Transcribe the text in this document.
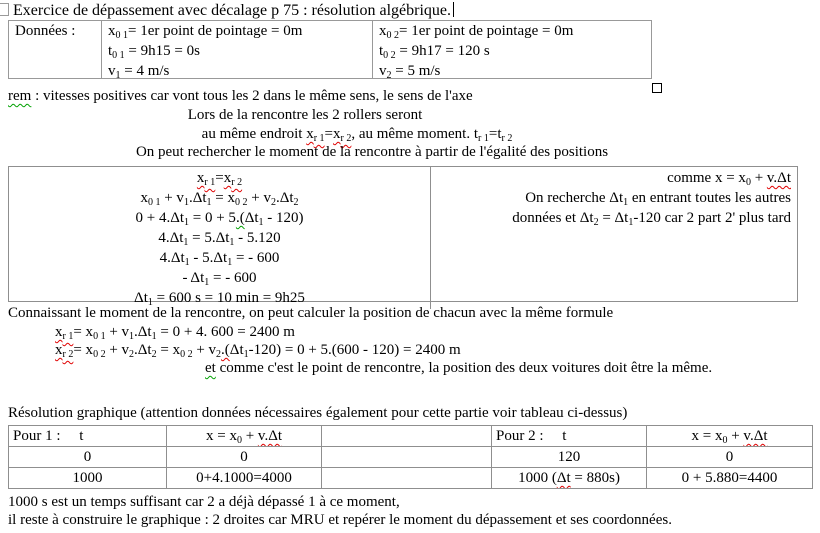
Exercice de dépassement avec décalage p 75 : résolution algébrique.
Données :	$x_{0 1}= 1er$ point de pointage = 0m
$t_{0 1} = 9h15 = 0s$
$v_1 = 4$ m/s
$x_{0 2}= 1er$ point de pointage = 0m
$t_{0 2} = 9h17 = 120$ s
$v_2 = 5$ m/s
rem : vitesses positives car vont tous les 2 dans le même sens, le sens de l'axe
Lors de la rencontre les 2 rollers seront
au même endroit $x_{r 1}=x_{r 2}$, au même moment. $t_{r 1}=t_{r 2}$
On peut rechercher le moment de la rencontre à partir de l'égalité des positions
$x_{r 1}=x_{r 2}$
$x_{0 1} + v_1.\Delta t_1 = x_{0 2} + v_2.\Delta t_2$
$0 + 4.\Delta t_1 = 0 + 5.(\Delta t_1 - 120)$
$4.\Delta t_1 = 5.\Delta t_1 - 5.120$
$4.\Delta t_1 - 5.\Delta t_1$ = - 600
- $\Delta t_1$ = - 600
$\Delta t_1 = 600$ s = 10 min = 9h25
comme $x = x_0 + v.\Delta t$
On recherche $\Delta t_1$ en entrant toutes les autres
données et $\Delta t_2 = \Delta t_1-120$ car 2 part 2' plus tard
Connaissant le moment de la rencontre, on peut calculer la position de chacun avec la même formule
$x_{r 1}= x_{0 1} + v_1.\Delta t_1 = 0 + 4$. 600 = 2400 m
$x_{r 2}= x_{0 2} + v_2.\Delta t_2 = x_{0 2} + v_2.(\Delta t_1-120) = 0 + 5.(600 - 120) = 2400$ m
et comme c'est le point de rencontre, la position des deux voitures doit être la même.
Résolution graphique (attention données nécessaires également pour cette partie voir tableau ci-dessus)
Pour 1 :     t	$x = x_0 + v.\Delta t$	Pour 2 :     t	$x = x_0 + v.\Delta t$
0	0	120	0
1000	0+4.1000=4000	1000 (Δt = 880s)	0 + 5.880=4400
1000 s est un temps suffisant car 2 a déjà dépassé 1 à ce moment,
il reste à construire le graphique : 2 droites car MRU et repérer le moment du dépassement et ses coordonnées.
